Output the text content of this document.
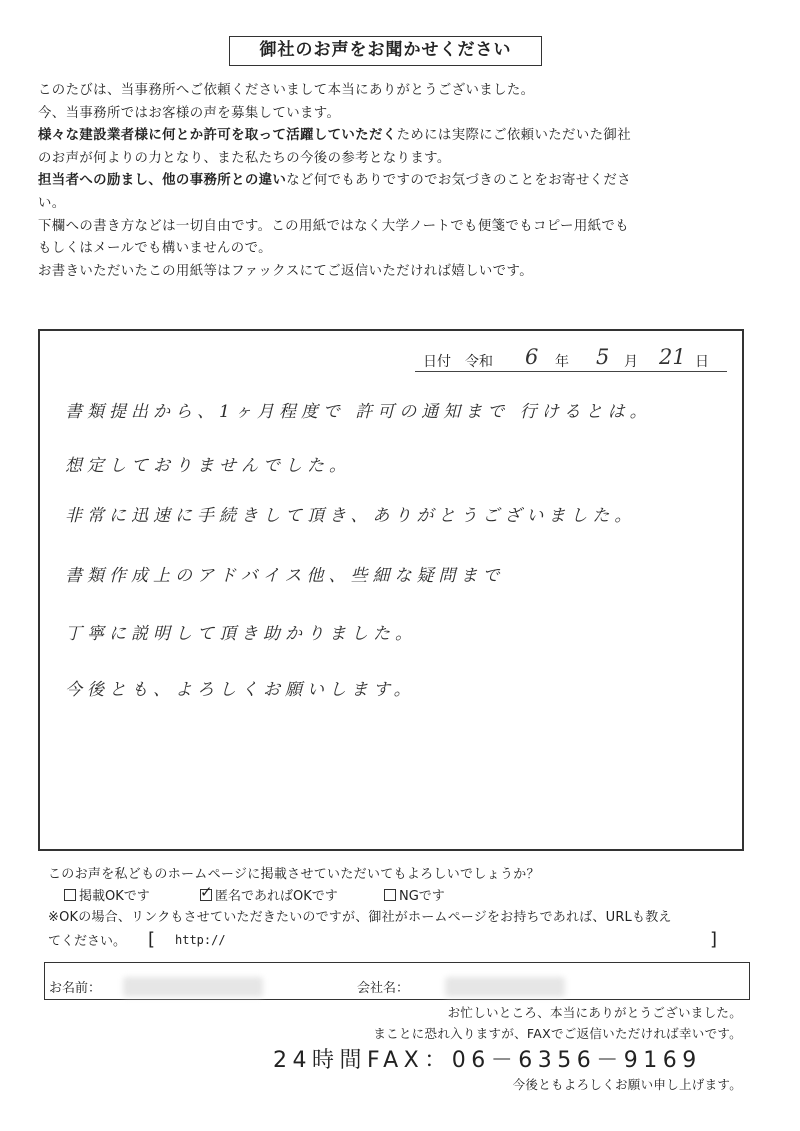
御社のお声をお聞かせください

このたびは、当事務所へご依頼くださいまして本当にありがとうございました。

今、当事務所ではお客様の声を募集しています。

様々な建設業者様に何とか許可を取って活躍していただくためには実際にご依頼いただいた御社

のお声が何よりの力となり、また私たちの今後の参考となります。

担当者への励まし、他の事務所との違いなど何でもありですのでお気づきのことをお寄せくださ

い。

下欄への書き方などは一切自由です。この用紙ではなく大学ノートでも便箋でもコピー用紙でも

もしくはメールでも構いませんので。

お書きいただいたこの用紙等はファックスにてご返信いただければ嬉しいです。

日付 令和 6 年 5 月 21 日
書類提出から、1ヶ月程度で 許可の通知まで 行けるとは。
想定しておりませんでした。
非常に迅速に手続きして頂き、ありがとうございました。
書類作成上のアドバイス他、些細な疑問まで
丁寧に説明して頂き助かりました。
今後とも、よろしくお願いします。
このお声を私どものホームページに掲載させていただいてもよろしいでしょうか？
掲載OKです
✓	匿名であればOKです	NGです
※OKの場合、リンクもさせていただきたいのですが、御社がホームページをお持ちであれば、URLも教え
てください。 [ http://	]
お名前：	会社名：
お忙しいところ、本当にありがとうございました。
まことに恐れ入りますが、FAXでご返信いただければ幸いです。
24時間FAX：06－6356－9169
今後ともよろしくお願い申し上げます。
